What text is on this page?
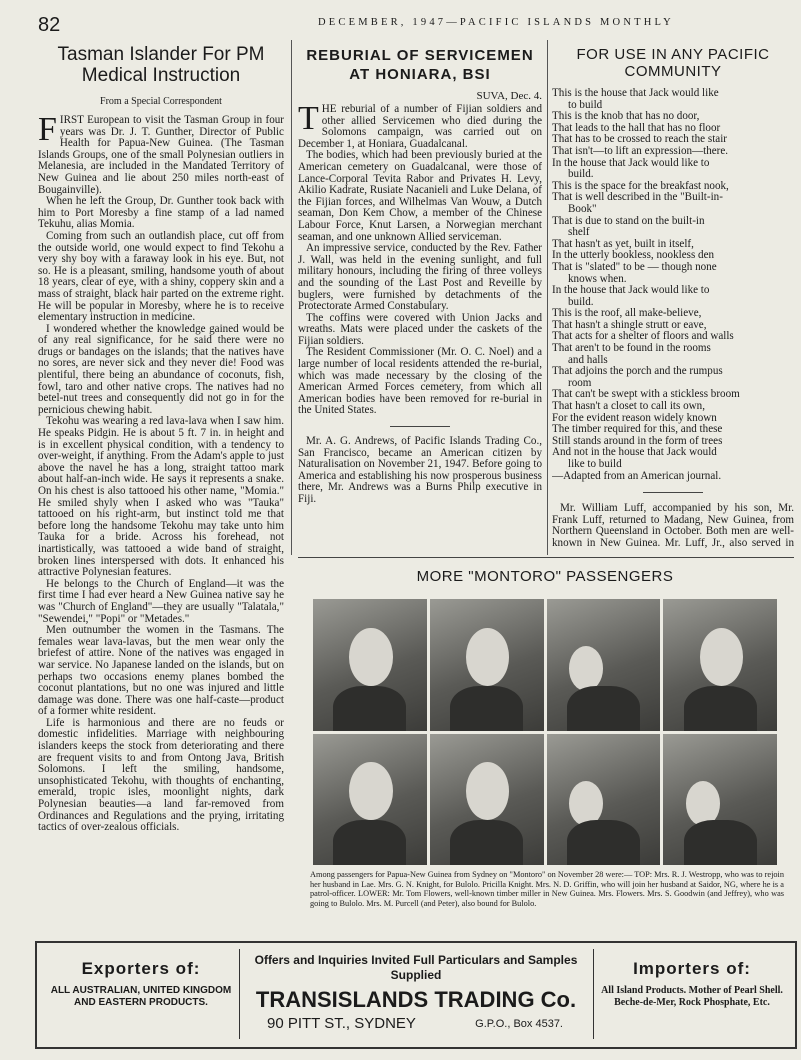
82	DECEMBER, 1947—PACIFIC ISLANDS MONTHLY
Tasman Islander For PM Medical Instruction
From a Special Correspondent

FIRST European to visit the Tasman Group in four years was Dr. J. T. Gunther, Director of Public Health for Papua-New Guinea. (The Tasman Islands Groups, one of the small Polynesian outliers in Melanesia, are included in the Mandated Territory of New Guinea and lie about 250 miles north-east of Bougainville).

When he left the Group, Dr. Gunther took back with him to Port Moresby a fine stamp of a lad named Tekuhu, alias Momia.

Coming from such an outlandish place, cut off from the outside world, one would expect to find Tekohu a very shy boy with a faraway look in his eye. But, not so. He is a pleasant, smiling, handsome youth of about 18 years, clear of eye, with a shiny, coppery skin and a mass of straight, black hair parted on the extreme right. He will be popular in Moresby, where he is to receive elementary instruction in medicine.

I wondered whether the knowledge gained would be of any real significance, for he said there were no drugs or bandages on the islands; that the natives have no sores, are never sick and they never die! Food was plentiful, there being an abundance of coconuts, fish, fowl, taro and other native crops. The natives had no betel-nut trees and consequently did not go in for the pernicious chewing habit.

Tekohu was wearing a red lava-lava when I saw him. He speaks Pidgin. He is about 5 ft. 7 in. in height and is in excellent physical condition, with a tendency to over-weight, if anything. From the Adam's apple to just above the navel he has a long, straight tattoo mark about half-an-inch wide. He says it represents a snake. On his chest is also tattooed his other name, "Momia." He smiled shyly when I asked who was "Tauka" tattooed on his right-arm, but instinct told me that before long the handsome Tekohu may take unto him Tauka for a bride. Across his forehead, not inartistically, was tattooed a wide band of straight, broken lines interspersed with dots. It enhanced his attractive Polynesian features.

He belongs to the Church of England—it was the first time I had ever heard a New Guinea native say he was "Church of England"—they are usually "Talatala," "Sewendei," "Popi" or "Metades."

Men outnumber the women in the Tasmans. The females wear lava-lavas, but the men wear only the briefest of attire. None of the natives was engaged in war service. No Japanese landed on the islands, but on perhaps two occasions enemy planes bombed the coconut plantations, but no one was injured and little damage was done. There was one half-caste—product of a former white resident.

Life is harmonious and there are no feuds or domestic infidelities. Marriage with neighbouring islanders keeps the stock from deteriorating and there are frequent visits to and from Ontong Java, British Solomons. I left the smiling, handsome, unsophisticated Tekohu, with thoughts of enchanting, emerald, tropic isles, moonlight nights, dark Polynesian beauties—a land far-removed from Ordinances and Regulations and the prying, irritating tactics of over-zealous officials.

REBURIAL OF SERVICEMEN AT HONIARA, BSI
SUVA, Dec. 4.

THE reburial of a number of Fijian soldiers and other allied Servicemen who died during the Solomons campaign, was carried out on December 1, at Honiara, Guadalcanal.

The bodies, which had been previously buried at the American cemetery on Guadalcanal, were those of Lance-Corporal Tevita Rabor and Privates H. Levy, Akilio Kadrate, Rusiate Nacanieli and Luke Delana, of the Fijian forces, and Wilhelmas Van Wouw, a Dutch seaman, Don Kem Chow, a member of the Chinese Labour Force, Knut Larsen, a Norwegian merchant seaman, and one unknown Allied serviceman.

An impressive service, conducted by the Rev. Father J. Wall, was held in the evening sunlight, and full military honours, including the firing of three volleys and the sounding of the Last Post and Reveille by buglers, were furnished by detachments of the Protectorate Armed Constabulary.

The coffins were covered with Union Jacks and wreaths. Mats were placed under the caskets of the Fijian soldiers.

The Resident Commissioner (Mr. O. C. Noel) and a large number of local residents attended the re-burial, which was made necessary by the closing of the American Armed Forces cemetery, from which all American bodies have been removed for re-burial in the United States.

Mr. A. G. Andrews, of Pacific Islands Trading Co., San Francisco, became an American citizen by Naturalisation on November 21, 1947. Before going to America and establishing his now prosperous business there, Mr. Andrews was a Burns Philp executive in Fiji.

FOR USE IN ANY PACIFIC COMMUNITY
This is the house that Jack would like
to build
This is the knob that has no door,
That leads to the hall that has no floor
That has to be crossed to reach the stair
That isn't—to lift an expression—there.
In the house that Jack would like to
build.
This is the space for the breakfast nook,
That is well described in the "Built-in-
Book"
That is due to stand on the built-in
shelf
That hasn't as yet, built in itself,
In the utterly bookless, nookless den
That is "slated" to be — though none
knows when.
In the house that Jack would like to
build.
This is the roof, all make-believe,
That hasn't a shingle strutt or eave,
That acts for a shelter of floors and walls
That aren't to be found in the rooms
and halls
That adjoins the porch and the rumpus
room
That can't be swept with a stickless broom
That hasn't a closet to call its own,
For the evident reason widely known
The timber required for this, and these
Still stands around in the form of trees
And not in the house that Jack would
like to build
—Adapted from an American journal.

Mr. William Luff, accompanied by his son, Mr. Frank Luff, returned to Madang, New Guinea, from Northern Queensland in October. Both men are well-known in New Guinea. Mr. Luff, Jr., also served in

MORE "MONTORO" PASSENGERS
Among passengers for Papua-New Guinea from Sydney on "Montoro" on November 28 were:— TOP: Mrs. R. J. Westropp, who was to rejoin her husband in Lae. Mrs. G. N. Knight, for Bulolo. Pricilla Knight. Mrs. N. D. Griffin, who will join her husband at Saidor, NG, where he is a patrol-officer. LOWER: Mr. Tom Flowers, well-known timber miller in New Guinea. Mrs. Flowers. Mrs. S. Goodwin (and Jeffrey), who was going to Bulolo. Mrs. M. Purcell (and Peter), also bound for Bulolo.
Exporters of:
ALL AUSTRALIAN, UNITED KINGDOM AND EASTERN PRODUCTS.
Offers and Inquiries Invited Full Particulars and Samples Supplied
TRANSISLANDS TRADING Co.
90 PITT ST., SYDNEY	G.P.O., Box 4537.
Importers of:
All Island Products. Mother of Pearl Shell. Beche-de-Mer, Rock Phosphate, Etc.
